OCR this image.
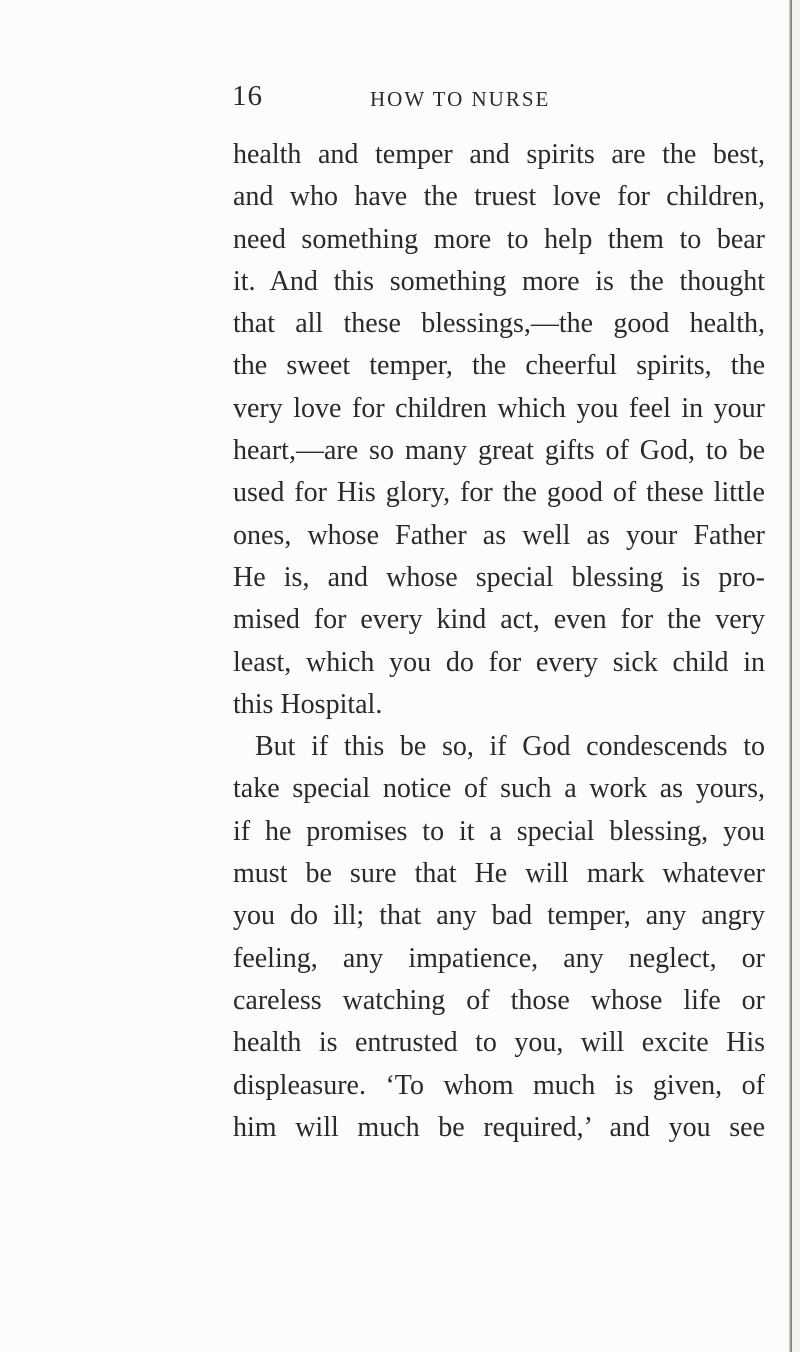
16	HOW TO NURSE
health and temper and spirits are the best,
and who have the truest love for children,
need something more to help them to bear
it. And this something more is the thought
that all these blessings,—the good health,
the sweet temper, the cheerful spirits, the
very love for children which you feel in your
heart,—are so many great gifts of God, to be
used for His glory, for the good of these little
ones, whose Father as well as your Father
He is, and whose special blessing is pro-
mised for every kind act, even for the very
least, which you do for every sick child in
this Hospital.
But if this be so, if God condescends to
take special notice of such a work as yours,
if he promises to it a special blessing, you
must be sure that He will mark whatever
you do ill; that any bad temper, any angry
feeling, any impatience, any neglect, or
careless watching of those whose life or
health is entrusted to you, will excite His
displeasure. ‘To whom much is given, of
him will much be required,’ and you see
